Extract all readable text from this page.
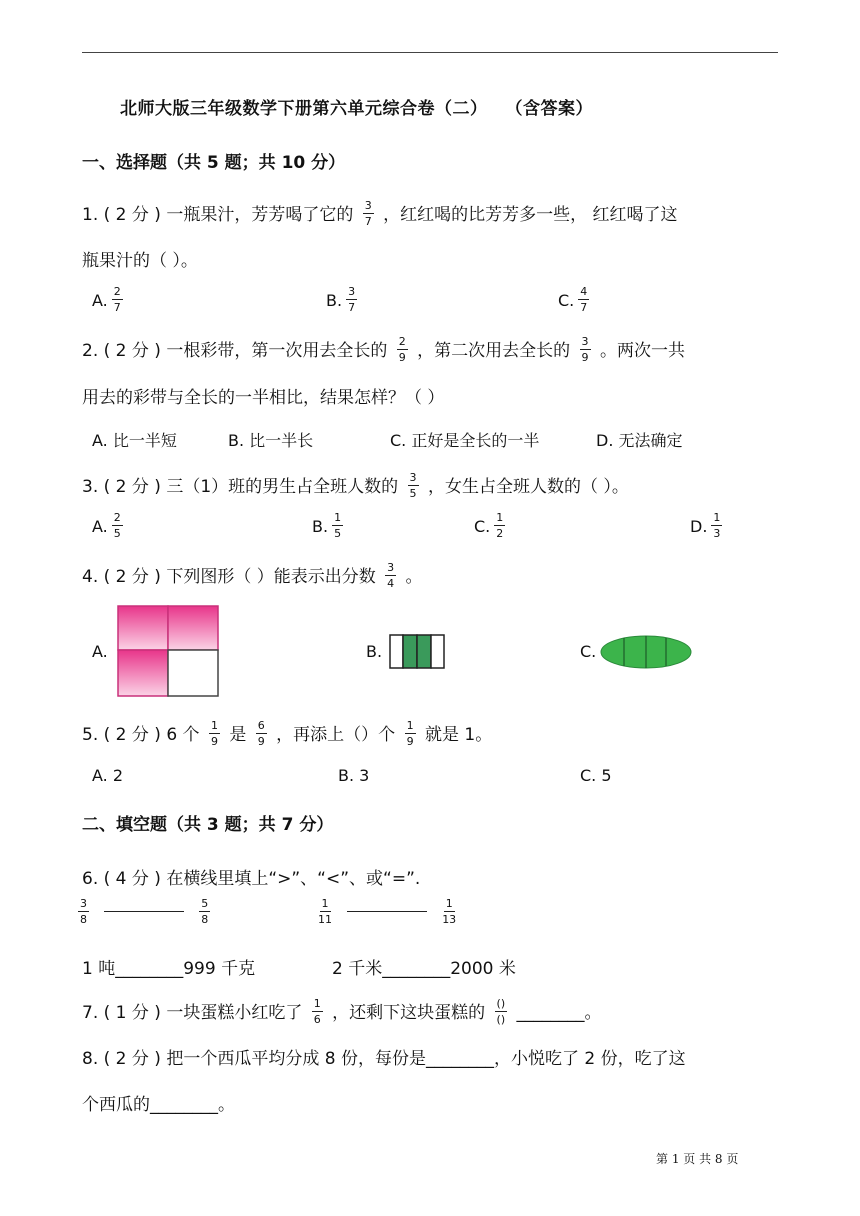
北师大版三年级数学下册第六单元综合卷（二）　　（含答案）
一、选择题（共 5 题；共 10 分）
1. ( 2 分 ) 一瓶果汁，芳芳喝了它的 $\frac{3}{7}$ ，红红喝的比芳芳多一些， 红红喝了这
瓶果汁的（ ）。
A. $\frac{2}{7}$	B. $\frac{3}{7}$	C. $\frac{4}{7}$
2. ( 2 分 ) 一根彩带，第一次用去全长的 $\frac{2}{9}$ ，第二次用去全长的 $\frac{3}{9}$ 。两次一共
用去的彩带与全长的一半相比，结果怎样？（ ）
A. 比一半短	B. 比一半长	C. 正好是全长的一半	D. 无法确定
3. ( 2 分 ) 三（1）班的男生占全班人数的 $\frac{3}{5}$ ，女生占全班人数的（ ）。
A. $\frac{2}{5}$	B. $\frac{1}{5}$	C. $\frac{1}{2}$	D. $\frac{1}{3}$
4. ( 2 分 ) 下列图形（ ）能表示出分数 $\frac{3}{4}$ 。
A.	B.	C.
5. ( 2 分 ) 6 个 $\frac{1}{9}$ 是 $\frac{6}{9}$ ，再添上（）个 $\frac{1}{9}$ 就是 1。
A. 2	B. 3	C. 5
二、填空题（共 3 题；共 7 分）
6. ( 4 分 ) 在横线里填上“>”、“<”、或“=”.
$\frac{3}{8}$
	$\frac{5}{8}$	$\frac{1}{11}$
	$\frac{1}{13}$
1 吨________999 千克	2 千米________2000 米
7. ( 1 分 ) 一块蛋糕小红吃了 $\frac{1}{6}$ ，还剩下这块蛋糕的 $\frac{()}{()}$ ________。
8. ( 2 分 ) 把一个西瓜平均分成 8 份，每份是________，小悦吃了 2 份，吃了这
个西瓜的________。
第 1 页 共 8 页
